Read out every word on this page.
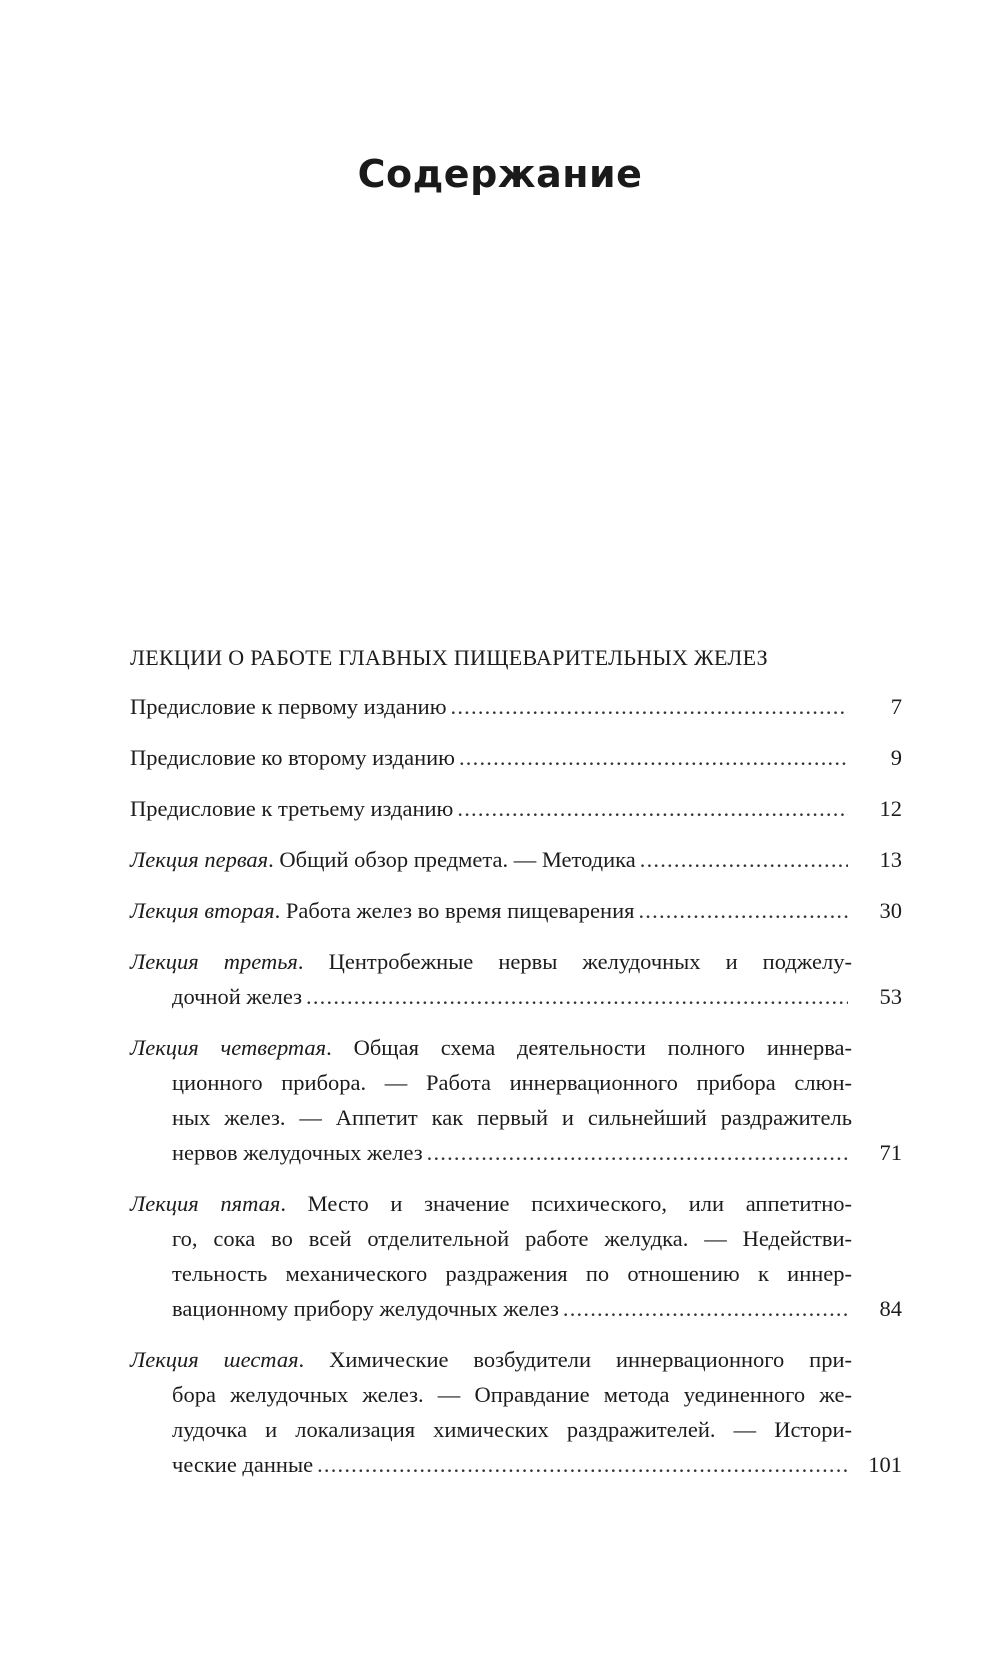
Содержание
ЛЕКЦИИ О РАБОТЕ ГЛАВНЫХ ПИЩЕВАРИТЕЛЬНЫХ ЖЕЛЕЗ
Предисловие к первому изданию .....	7
Предисловие ко второму изданию .....	9
Предисловие к третьему изданию .....	12
Лекция первая. Общий обзор предмета. — Методика .....	13
Лекция вторая. Работа желез во время пищеварения .....	30
Лекция третья. Центробежные нервы желудочных и поджелу-
дочной желез .....	53
Лекция четвертая. Общая схема деятельности полного иннерва-
ционного прибора. — Работа иннервационного прибора слюн-
ных желез. — Аппетит как первый и сильнейший раздражитель
нервов желудочных желез .....	71
Лекция пятая. Место и значение психического, или аппетитно-
го, сока во всей отделительной работе желудка. — Недействи-
тельность механического раздражения по отношению к иннер-
вационному прибору желудочных желез .....	84
Лекция шестая. Химические возбудители иннервационного при-
бора желудочных желез. — Оправдание метода уединенного же-
лудочка и локализация химических раздражителей. — Истори-
ческие данные .....	101
